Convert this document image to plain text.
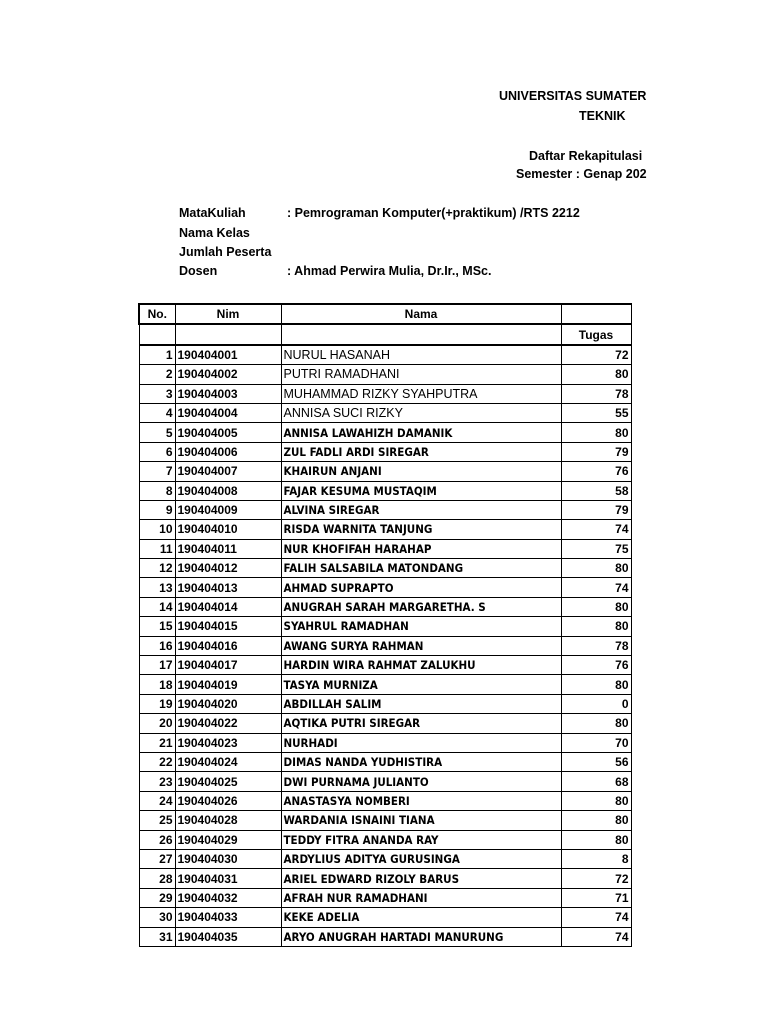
UNIVERSITAS SUMATER
TEKNIK
Daftar Rekapitulasi
Semester : Genap 202
MataKuliah	: Pemrograman Komputer(+praktikum) /RTS 2212
Nama Kelas
Jumlah Peserta
Dosen	: Ahmad Perwira Mulia, Dr.Ir., MSc.
No.	Nim	Nama	
			Tugas
1	190404001	NURUL HASANAH	72
2	190404002	PUTRI RAMADHANI	80
3	190404003	MUHAMMAD RIZKY SYAHPUTRA	78
4	190404004	ANNISA SUCI RIZKY	55
5	190404005	ANNISA LAWAHIZH DAMANIK	80
6	190404006	ZUL FADLI ARDI SIREGAR	79
7	190404007	KHAIRUN ANJANI	76
8	190404008	FAJAR KESUMA MUSTAQIM	58
9	190404009	ALVINA SIREGAR	79
10	190404010	RISDA WARNITA TANJUNG	74
11	190404011	NUR KHOFIFAH HARAHAP	75
12	190404012	FALIH SALSABILA MATONDANG	80
13	190404013	AHMAD SUPRAPTO	74
14	190404014	ANUGRAH SARAH MARGARETHA. S	80
15	190404015	SYAHRUL RAMADHAN	80
16	190404016	AWANG SURYA RAHMAN	78
17	190404017	HARDIN WIRA RAHMAT ZALUKHU	76
18	190404019	TASYA MURNIZA	80
19	190404020	ABDILLAH SALIM	0
20	190404022	AQTIKA PUTRI SIREGAR	80
21	190404023	NURHADI	70
22	190404024	DIMAS NANDA YUDHISTIRA	56
23	190404025	DWI PURNAMA JULIANTO	68
24	190404026	ANASTASYA NOMBERI	80
25	190404028	WARDANIA ISNAINI TIANA	80
26	190404029	TEDDY FITRA ANANDA RAY	80
27	190404030	ARDYLIUS ADITYA GURUSINGA	8
28	190404031	ARIEL EDWARD RIZOLY BARUS	72
29	190404032	AFRAH NUR RAMADHANI	71
30	190404033	KEKE ADELIA	74
31	190404035	ARYO ANUGRAH HARTADI MANURUNG	74
